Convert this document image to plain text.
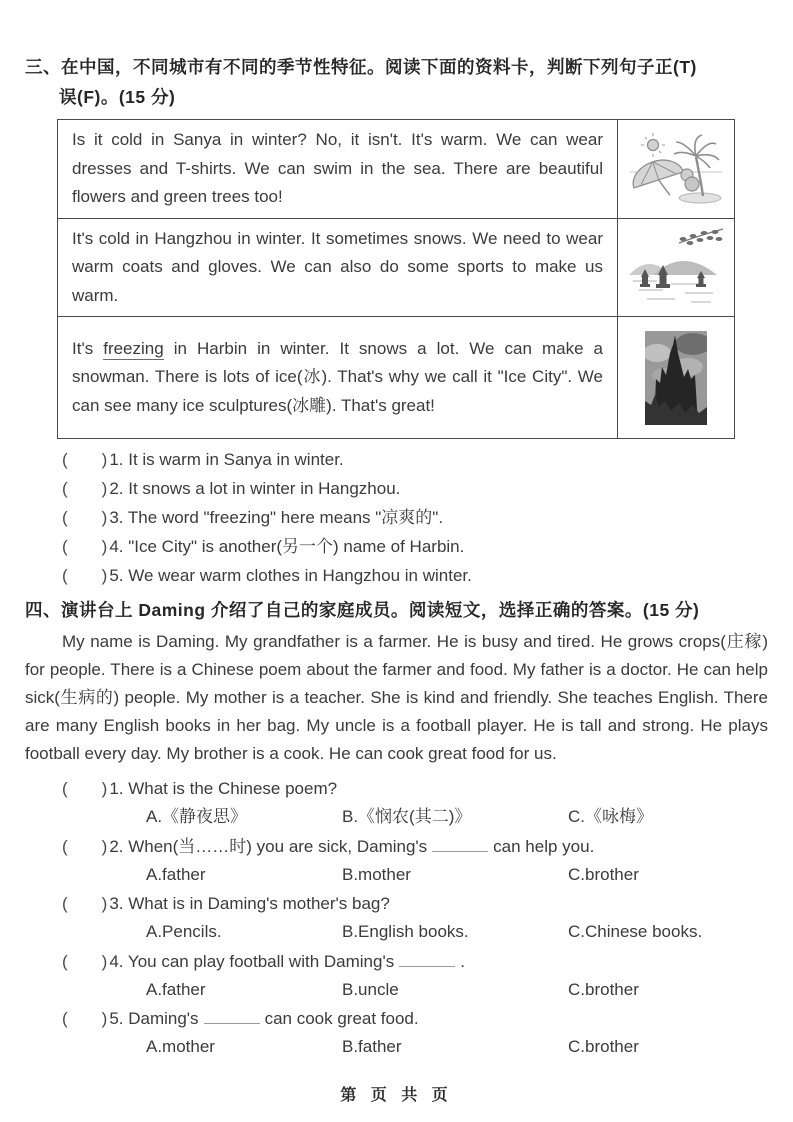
三、在中国，不同城市有不同的季节性特征。阅读下面的资料卡，判断下列句子正(T)
误(F)。(15 分)
Is it cold in Sanya in winter? No, it isn't. It's warm. We can wear dresses and T-shirts. We can swim in the sea. There are beautiful flowers and green trees too!	

It's cold in Hangzhou in winter. It sometimes snows. We need to wear warm coats and gloves. We can also do some sports to make us warm.	

It's freezing in Harbin in winter. It snows a lot. We can make a snowman. There is lots of ice(冰). That's why we call it "Ice City". We can see many ice sculptures(冰雕). That's great!	
(　　) 1. It is warm in Sanya in winter.
(　　) 2. It snows a lot in winter in Hangzhou.
(　　) 3. The word "freezing" here means "凉爽的".
(　　) 4. "Ice City" is another(另一个) name of Harbin.
(　　) 5. We wear warm clothes in Hangzhou in winter.
四、演讲台上 Daming 介绍了自己的家庭成员。阅读短文，选择正确的答案。(15 分)

My name is Daming. My grandfather is a farmer. He is busy and tired. He grows crops(庄稼) for people. There is a Chinese poem about the farmer and food. My father is a doctor. He can help sick(生病的) people. My mother is a teacher. She is kind and friendly. She teaches English. There are many English books in her bag. My uncle is a football player. He is tall and strong. He plays football every day. My brother is a cook. He can cook great food for us.

(　　) 1. What is the Chinese poem?
A.《静夜思》	B.《悯农(其二)》	C.《咏梅》
(　　) 2. When(当……时) you are sick, Daming's	can help you.
A.father	B.mother	C.brother
(　　) 3. What is in Daming's mother's bag?
A.Pencils.	B.English books.	C.Chinese books.
(　　) 4. You can play football with Daming's	.
A.father	B.uncle	C.brother
(　　) 5. Daming's	can cook great food.
A.mother	B.father	C.brother
第 页 共 页
